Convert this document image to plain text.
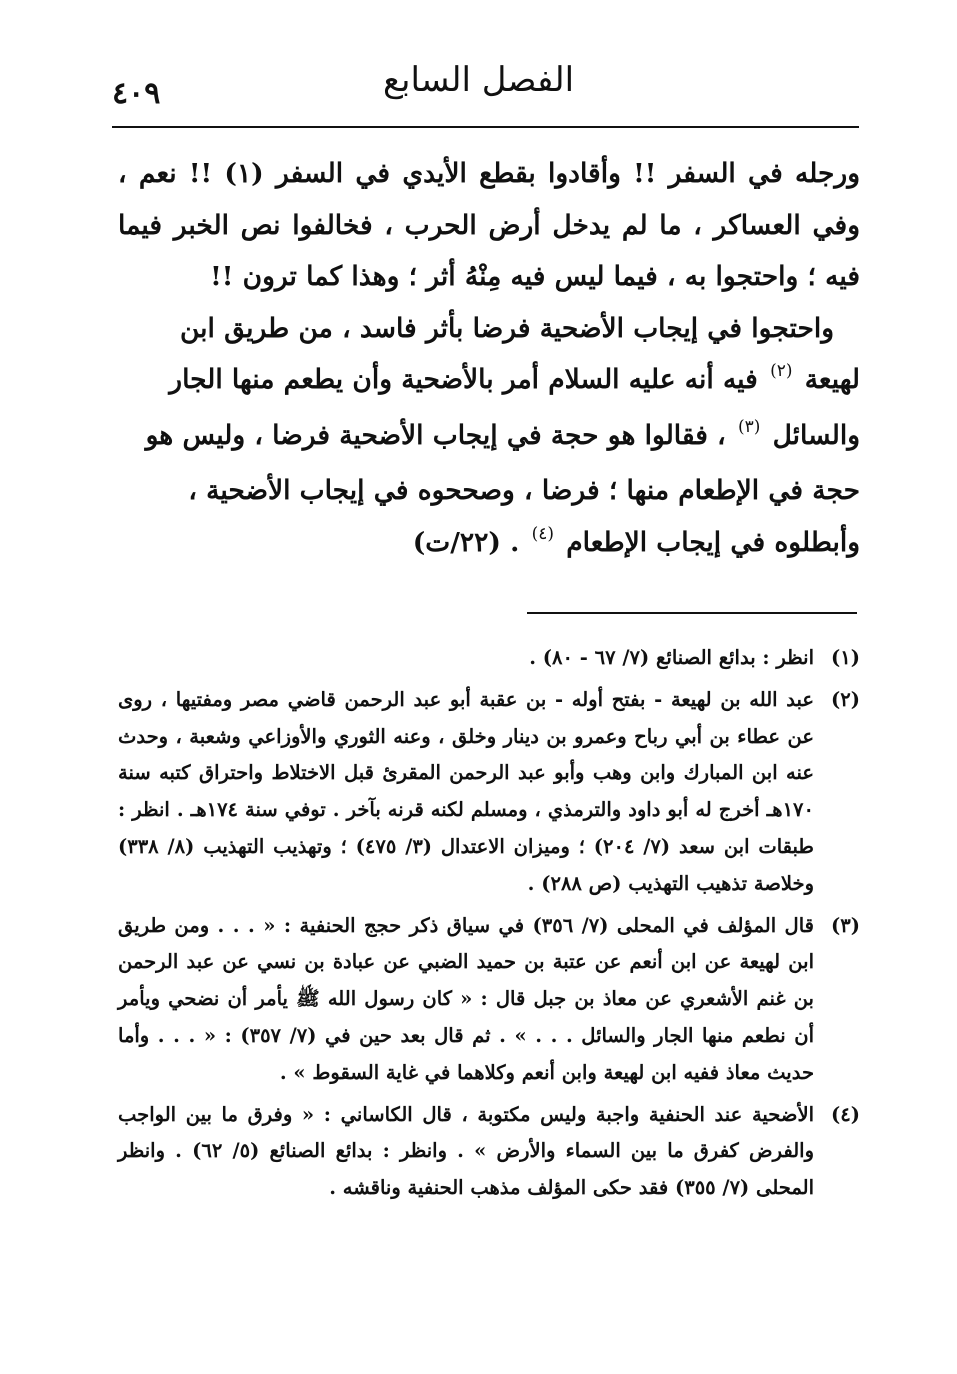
الفصل السابع
٤٠٩

ورجله في السفر !! وأقادوا بقطع الأيدي في السفر (١) !! نعم ، وفي العساكر ، ما لم يدخل أرض الحرب ، فخالفوا نص الخبر فيما فيه ؛ واحتجوا به ، فيما ليس فيه مِنْهُ أثر ؛ وهذا كما ترون !!

واحتجوا في إيجاب الأضحية فرضا بأثر فاسد ، من طريق ابن لهيعة $^{(٢)}$ فيه أنه عليه السلام أمر بالأضحية وأن يطعم منها الجار والسائل $^{(٣)}$ ، فقالوا هو حجة في إيجاب الأضحية فرضا ، وليس هو حجة في الإطعام منها ؛ فرضا ، وصححوه في إيجاب الأضحية ، وأبطلوه في إيجاب الإطعام $^{(٤)}$ . (٢٢/ت)

(١)
انظر : بدائع الصنائع (٧/ ٦٧ - ٨٠) .
(٢)
عبد الله بن لهيعة - بفتح أوله - بن عقبة أبو عبد الرحمن قاضي مصر ومفتيها ، روى عن عطاء بن أبي رباح وعمرو بن دينار وخلق ، وعنه الثوري والأوزاعي وشعبة ، وحدث عنه ابن المبارك وابن وهب وأبو عبد الرحمن المقرئ قبل الاختلاط واحتراق كتبه سنة ١٧٠هـ أخرج له أبو داود والترمذي ، ومسلم لكنه قرنه بآخر . توفي سنة ١٧٤هـ . انظر : طبقات ابن سعد (٧/ ٢٠٤) ؛ وميزان الاعتدال (٣/ ٤٧٥) ؛ وتهذيب التهذيب (٨/ ٣٣٨) وخلاصة تذهيب التهذيب (ص ٢٨٨) .
(٣)
قال المؤلف في المحلى (٧/ ٣٥٦) في سياق ذكر حجج الحنفية : « . . . ومن طريق ابن لهيعة عن ابن أنعم عن عتبة بن حميد الضبي عن عبادة بن نسي عن عبد الرحمن بن غنم الأشعري عن معاذ بن جبل قال : « كان رسول الله ﷺ يأمر أن نضحي ويأمر أن نطعم منها الجار والسائل . . . » . ثم قال بعد حين في (٧/ ٣٥٧) : « . . . وأما حديث معاذ ففيه ابن لهيعة وابن أنعم وكلاهما في غاية السقوط » .
(٤)
الأضحية عند الحنفية واجبة وليس مكتوبة ، قال الكاساني : « وفرق ما بين الواجب والفرض كفرق ما بين السماء والأرض » . وانظر : بدائع الصنائع (٥/ ٦٢) . وانظر المحلى (٧/ ٣٥٥) فقد حكى المؤلف مذهب الحنفية وناقشه .
